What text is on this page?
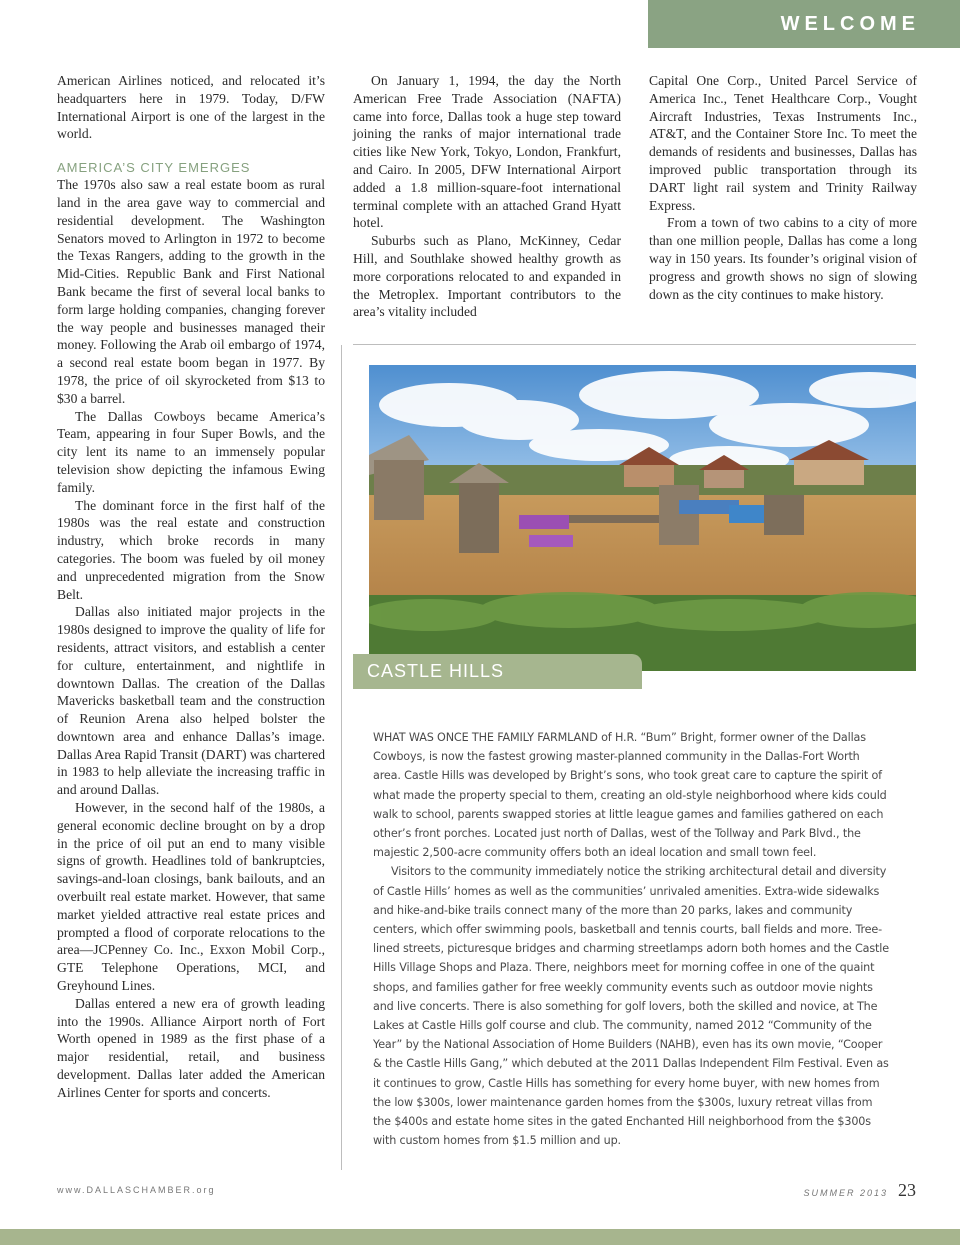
WELCOME

American Airlines noticed, and relocated it’s headquarters here in 1979. Today, D/FW International Airport is one of the largest in the world.

AMERICA’S CITY EMERGES

The 1970s also saw a real estate boom as rural land in the area gave way to commercial and residential development. The Washington Senators moved to Arlington in 1972 to become the Texas Rangers, adding to the growth in the Mid-Cities. Republic Bank and First National Bank became the first of several local banks to form large holding companies, changing forever the way people and businesses managed their money. Following the Arab oil embargo of 1974, a second real estate boom began in 1977. By 1978, the price of oil skyrocketed from $13 to $30 a barrel.

The Dallas Cowboys became America’s Team, appearing in four Super Bowls, and the city lent its name to an immensely popular television show depicting the infamous Ewing family.

The dominant force in the first half of the 1980s was the real estate and construction industry, which broke records in many categories. The boom was fueled by oil money and unprecedented migration from the Snow Belt.

Dallas also initiated major projects in the 1980s designed to improve the quality of life for residents, attract visitors, and establish a center for culture, entertainment, and nightlife in downtown Dallas. The creation of the Dallas Mavericks basketball team and the construction of Reunion Arena also helped bolster the downtown area and enhance Dallas’s image. Dallas Area Rapid Transit (DART) was chartered in 1983 to help alleviate the increasing traffic in and around Dallas.

However, in the second half of the 1980s, a general economic decline brought on by a drop in the price of oil put an end to many visible signs of growth. Headlines told of bankruptcies, savings-and-loan closings, bank bailouts, and an overbuilt real estate market. However, that same market yielded attractive real estate prices and prompted a flood of corporate relocations to the area—JCPenney Co. Inc., Exxon Mobil Corp., GTE Telephone Operations, MCI, and Greyhound Lines.

Dallas entered a new era of growth leading into the 1990s. Alliance Airport north of Fort Worth opened in 1989 as the first phase of a major residential, retail, and business development. Dallas later added the American Airlines Center for sports and concerts.

On January 1, 1994, the day the North American Free Trade Association (NAFTA) came into force, Dallas took a huge step toward joining the ranks of major international trade cities like New York, Tokyo, London, Frankfurt, and Cairo. In 2005, DFW International Airport added a 1.8 million-square-foot international terminal complete with an attached Grand Hyatt hotel.

Suburbs such as Plano, McKinney, Cedar Hill, and Southlake showed healthy growth as more corporations relocated to and expanded in the Metroplex. Important contributors to the area’s vitality included

Capital One Corp., United Parcel Service of America Inc., Tenet Healthcare Corp., Vought Aircraft Industries, Texas Instruments Inc., AT&T, and the Container Store Inc. To meet the demands of residents and businesses, Dallas has improved public transportation through its DART light rail system and Trinity Railway Express.

From a town of two cabins to a city of more than one million people, Dallas has come a long way in 150 years. Its founder’s original vision of progress and growth shows no sign of slowing down as the city continues to make history.

CASTLE HILLS

WHAT WAS ONCE THE FAMILY FARMLAND of H.R. “Bum” Bright, former owner of the Dallas Cowboys, is now the fastest growing master-planned community in the Dallas-Fort Worth area. Castle Hills was developed by Bright’s sons, who took great care to capture the spirit of what made the property special to them, creating an old-style neighborhood where kids could walk to school, parents swapped stories at little league games and families gathered on each other’s front porches. Located just north of Dallas, west of the Tollway and Park Blvd., the majestic 2,500-acre community offers both an ideal location and small town feel.

Visitors to the community immediately notice the striking architectural detail and diversity of Castle Hills’ homes as well as the communities’ unrivaled amenities. Extra-wide sidewalks and hike-and-bike trails connect many of the more than 20 parks, lakes and community centers, which offer swimming pools, basketball and tennis courts, ball fields and more. Tree-lined streets, picturesque bridges and charming streetlamps adorn both homes and the Castle Hills Village Shops and Plaza. There, neighbors meet for morning coffee in one of the quaint shops, and families gather for free weekly community events such as outdoor movie nights and live concerts. There is also something for golf lovers, both the skilled and novice, at The Lakes at Castle Hills golf course and club. The community, named 2012 “Community of the Year” by the National Association of Home Builders (NAHB), even has its own movie, “Cooper & the Castle Hills Gang,” which debuted at the 2011 Dallas Independent Film Festival. Even as it continues to grow, Castle Hills has something for every home buyer, with new homes from the low $300s, lower maintenance garden homes from the $300s, luxury retreat villas from the $400s and estate home sites in the gated Enchanted Hill neighborhood from the $300s with custom homes from $1.5 million and up.

www.DALLASCHAMBER.org	SUMMER 2013 23
